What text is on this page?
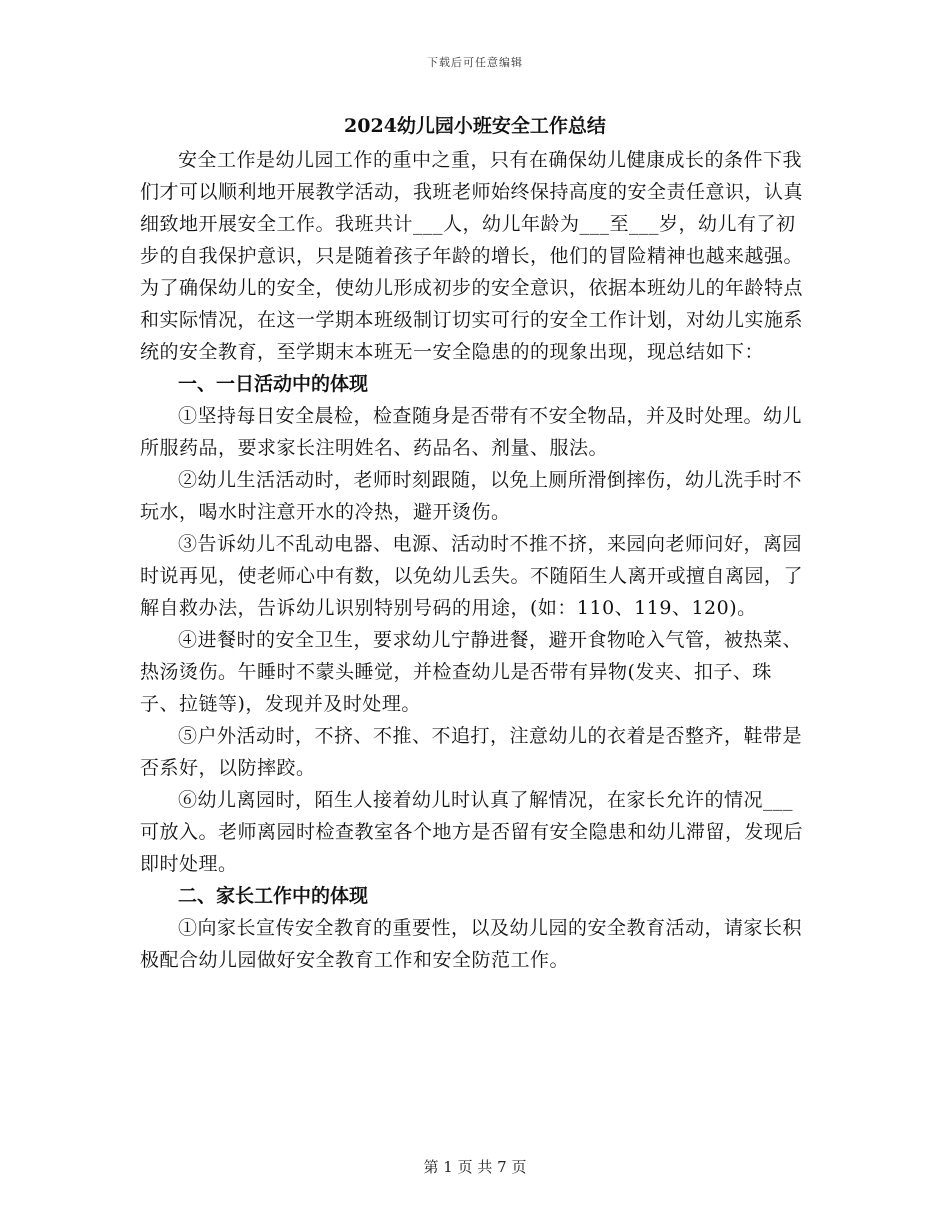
下载后可任意编辑
2024幼儿园小班安全工作总结

安全工作是幼儿园工作的重中之重，只有在确保幼儿健康成长的条件下我们才可以顺利地开展教学活动，我班老师始终保持高度的安全责任意识，认真细致地开展安全工作。我班共计___人，幼儿年龄为___至___岁，幼儿有了初步的自我保护意识，只是随着孩子年龄的增长，他们的冒险精神也越来越强。为了确保幼儿的安全，使幼儿形成初步的安全意识，依据本班幼儿的年龄特点和实际情况，在这一学期本班级制订切实可行的安全工作计划，对幼儿实施系统的安全教育，至学期末本班无一安全隐患的的现象出现，现总结如下：

一、一日活动中的体现

①坚持每日安全晨检，检查随身是否带有不安全物品，并及时处理。幼儿所服药品，要求家长注明姓名、药品名、剂量、服法。

②幼儿生活活动时，老师时刻跟随，以免上厕所滑倒摔伤，幼儿洗手时不玩水，喝水时注意开水的冷热，避开烫伤。

③告诉幼儿不乱动电器、电源、活动时不推不挤，来园向老师问好，离园时说再见，使老师心中有数，以免幼儿丢失。不随陌生人离开或擅自离园，了解自救办法，告诉幼儿识别特别号码的用途，(如：110、119、120)。

④进餐时的安全卫生，要求幼儿宁静进餐，避开食物呛入气管，被热菜、热汤烫伤。午睡时不蒙头睡觉，并检查幼儿是否带有异物(发夹、扣子、珠子、拉链等)，发现并及时处理。

⑤户外活动时，不挤、不推、不追打，注意幼儿的衣着是否整齐，鞋带是否系好，以防摔跤。

⑥幼儿离园时，陌生人接着幼儿时认真了解情况，在家长允许的情况___可放入。老师离园时检查教室各个地方是否留有安全隐患和幼儿滞留，发现后即时处理。

二、家长工作中的体现

①向家长宣传安全教育的重要性，以及幼儿园的安全教育活动，请家长积极配合幼儿园做好安全教育工作和安全防范工作。

第 1 页 共 7 页
